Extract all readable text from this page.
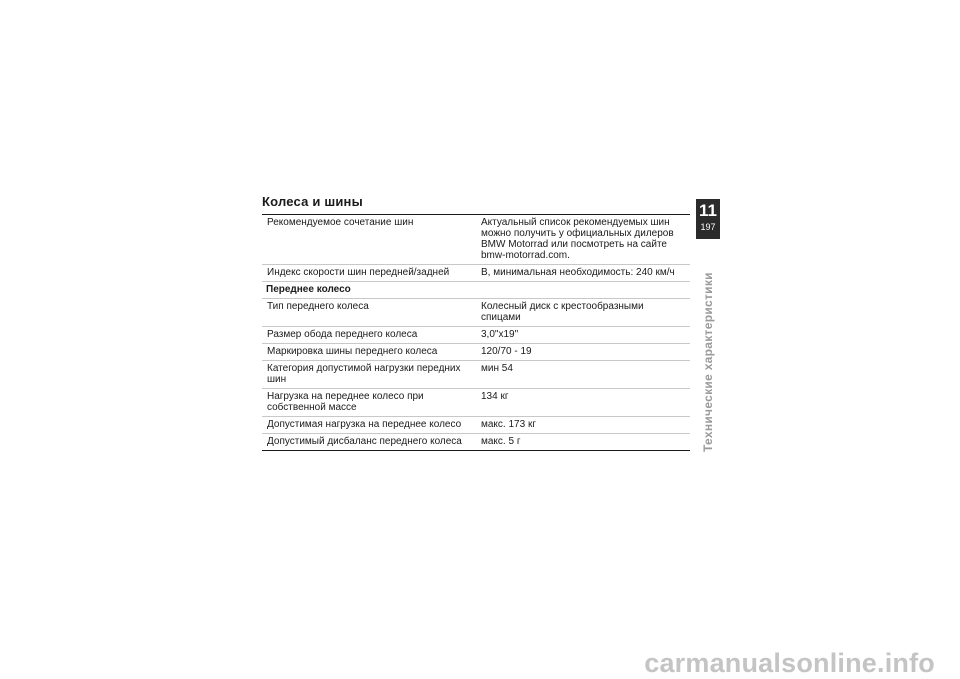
Колеса и шины
Рекомендуемое сочетание шин	Актуальный список рекомендуемых шин можно получить у официальных дилеров BMW Motorrad или посмотреть на сайте bmw-motorrad.com.
Индекс скорости шин передней/задней	В, минимальная необходимость: 240 км/ч
Переднее колесо	
Тип переднего колеса	Колесный диск с крестообразными спицами
Размер обода переднего колеса	3,0"x19"
Маркировка шины переднего колеса	120/70 - 19
Категория допустимой нагрузки передних шин	мин 54
Нагрузка на переднее колесо при собственной массе	134 кг
Допустимая нагрузка на переднее колесо	макс. 173 кг
Допустимый дисбаланс переднего колеса	макс. 5 г
11
197
Технические характеристики
carmanualsonline.info
